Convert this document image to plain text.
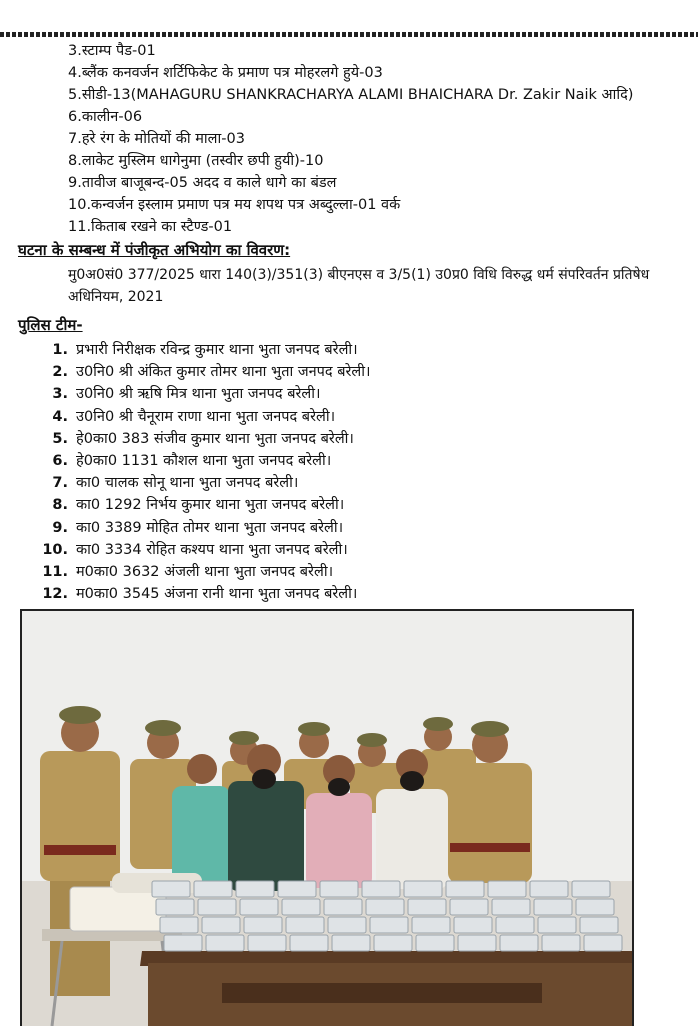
3.स्टाम्प पैड-01
4.ब्लैंक कनवर्जन शर्टिफिकेट के प्रमाण पत्र मोहरलगे हुये-03
5.सीडी-13(MAHAGURU SHANKRACHARYA ALAMI BHAICHARA Dr. Zakir Naik आदि)
6.कालीन-06
7.हरे रंग के मोतियों की माला-03
8.लाकेट मुस्लिम धागेनुमा (तस्वीर छपी हुयी)-10
9.तावीज बाजूबन्द-05 अदद व काले धागे का बंडल
10.कन्वर्जन इस्लाम प्रमाण पत्र मय शपथ पत्र अब्दुल्ला-01 वर्क
11.किताब रखने का स्टैण्ड-01
घटना के सम्बन्ध में पंजीकृत अभियोग का विवरण:
मु0अ0सं0 377/2025 धारा 140(3)/351(3) बीएनएस व 3/5(1) उ0प्र0 विधि विरुद्ध धर्म संपरिवर्तन प्रतिषेध अधिनियम, 2021
पुलिस टीम-
1. प्रभारी निरीक्षक रविन्द्र कुमार थाना भुता जनपद बरेली।
2. उ0नि0 श्री अंकित कुमार तोमर थाना भुता जनपद बरेली।
3. उ0नि0 श्री ऋषि मित्र थाना भुता जनपद बरेली।
4. उ0नि0 श्री चैनूराम राणा थाना भुता जनपद बरेली।
5. हे0का0 383 संजीव कुमार थाना भुता जनपद बरेली।
6. हे0का0 1131 कौशल थाना भुता जनपद बरेली।
7. का0 चालक सोनू थाना भुता जनपद बरेली।
8. का0 1292 निर्भय कुमार थाना भुता जनपद बरेली।
9. का0 3389 मोहित तोमर थाना भुता जनपद बरेली।
10. का0 3334 रोहित कश्यप थाना भुता जनपद बरेली।
11. म0का0 3632 अंजली थाना भुता जनपद बरेली।
12. म0का0 3545 अंजना रानी थाना भुता जनपद बरेली।
